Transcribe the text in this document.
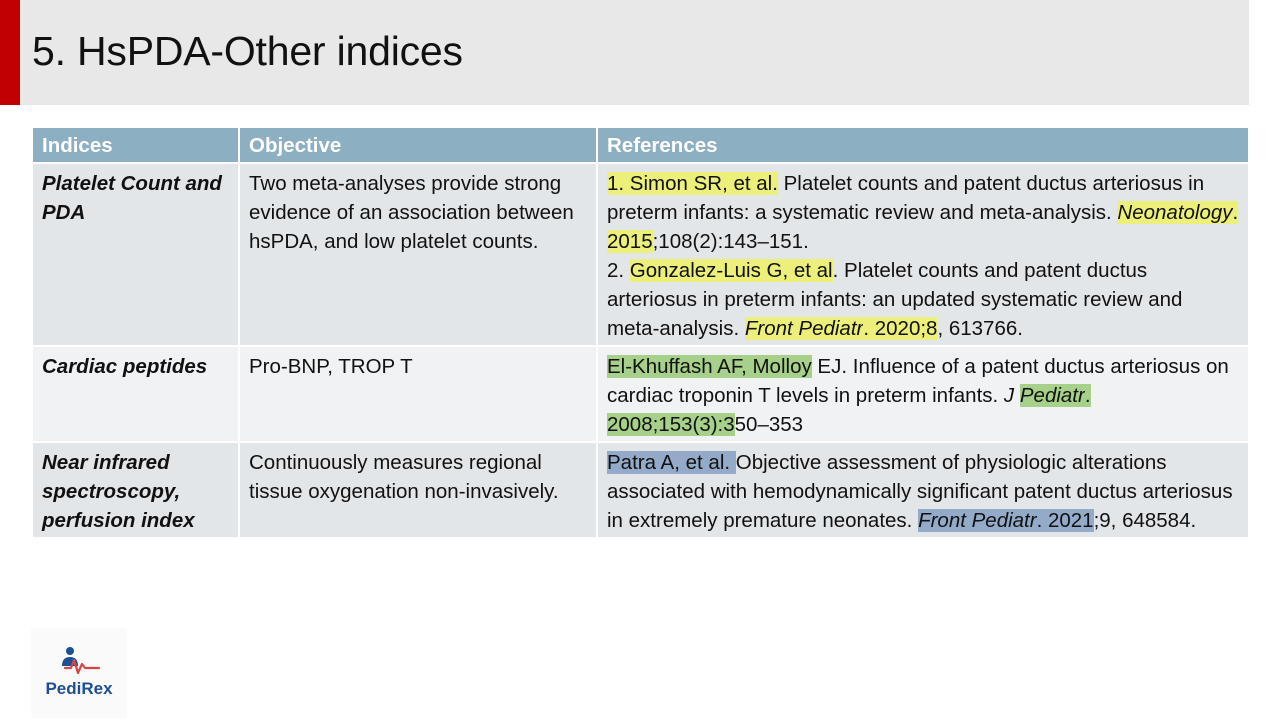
5. HsPDA-Other indices
Indices	Objective	References
Platelet Count and PDA	Two meta-analyses provide strong evidence of an association between hsPDA, and low platelet counts.	1. Simon SR, et al. Platelet counts and patent ductus arteriosus in preterm infants: a systematic review and meta-analysis. Neonatology. 2015;108(2):143–151.
2. Gonzalez-Luis G, et al. Platelet counts and patent ductus arteriosus in preterm infants: an updated systematic review and meta-analysis. Front Pediatr. 2020;8, 613766.
Cardiac peptides	Pro-BNP, TROP T	El-Khuffash AF, Molloy EJ. Influence of a patent ductus arteriosus on cardiac troponin T levels in preterm infants. J Pediatr. 2008;153(3):350–353
Near infrared spectroscopy, perfusion index	Continuously measures regional tissue oxygenation non-invasively.	Patra A, et al. Objective assessment of physiologic alterations associated with hemodynamically significant patent ductus arteriosus in extremely premature neonates. Front Pediatr. 2021;9, 648584.
PediRex
